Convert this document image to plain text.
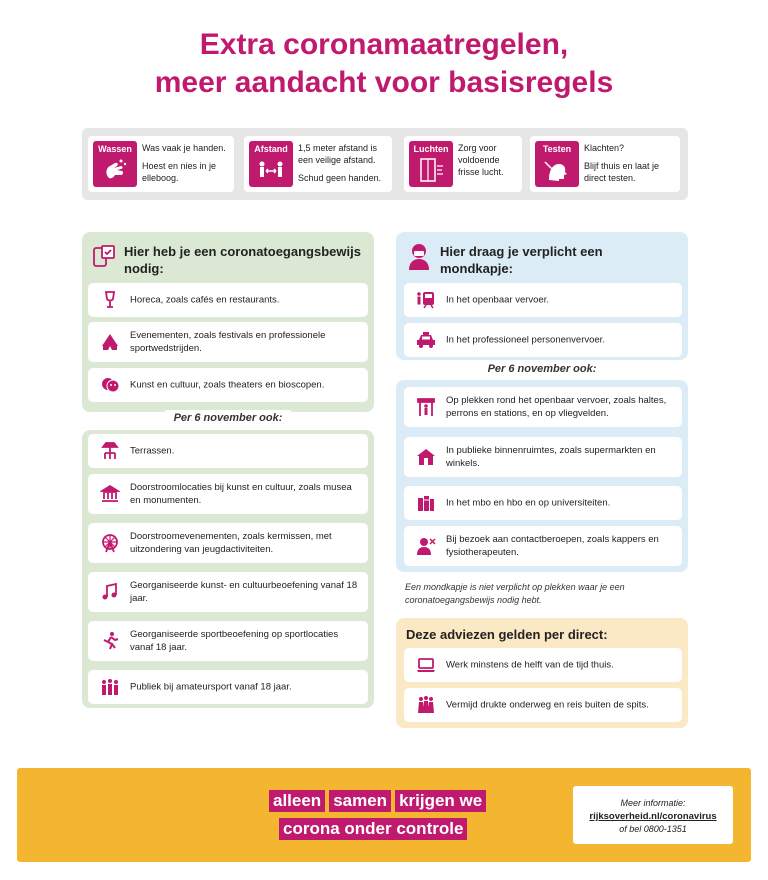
Extra coronamaatregelen,
meer aandacht voor basisregels
Wassen	Was vaak je handen.

Hoest en nies in je elleboog.

Afstand	1,5 meter afstand is een veilige afstand.

Schud geen handen.

Luchten	Zorg voor voldoende frisse lucht.

Testen	Klachten?

Blijf thuis en laat je direct testen.

Hier heb je een coronatoegangsbewijs nodig:
Horeca, zoals cafés en restaurants.
Evenementen, zoals festivals en professionele sportwedstrijden.
Kunst en cultuur, zoals theaters en bioscopen.
Per 6 november ook:
Terrassen.
Doorstroomlocaties bij kunst en cultuur, zoals musea en monumenten.
Doorstroomevenementen, zoals kermissen, met uitzondering van jeugdactiviteiten.
Georganiseerde kunst- en cultuurbeoefening vanaf 18 jaar.
Georganiseerde sportbeoefening op sportlocaties vanaf 18 jaar.
Publiek bij amateursport vanaf 18 jaar.
Hier draag je verplicht een mondkapje:
In het openbaar vervoer.
In het professioneel personenvervoer.
Per 6 november ook:
Op plekken rond het openbaar vervoer, zoals haltes, perrons en stations, en op vliegvelden.
In publieke binnenruimtes, zoals supermarkten en winkels.
In het mbo en hbo en op universiteiten.
Bij bezoek aan contactberoepen, zoals kappers en fysiotherapeuten.
Een mondkapje is niet verplicht op plekken waar je een coronatoegangsbewijs nodig hebt.
Deze adviezen gelden per direct:
Werk minstens de helft van de tijd thuis.
Vermijd drukte onderweg en reis buiten de spits.
alleen samen krijgen we
corona onder controle
Meer informatie:
rijksoverheid.nl/coronavirus
of bel 0800-1351
